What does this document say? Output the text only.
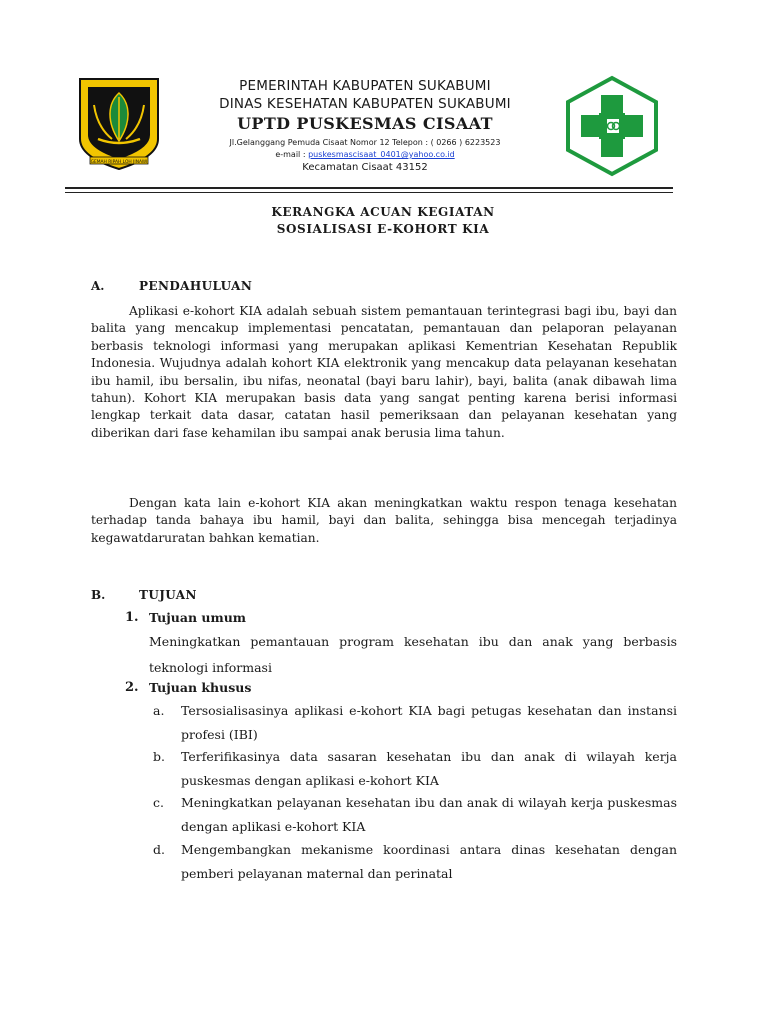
GEMAH RIPAH LOH JINAWI
PEMERINTAH KABUPATEN SUKABUMI
DINAS KESEHATAN KABUPATEN SUKABUMI
UPTD PUSKESMAS CISAAT
Jl.Gelanggang Pemuda Cisaat Nomor 12 Telepon : ( 0266 ) 6223523
e-mail : puskesmascisaat_0401@yahoo.co.id
Kecamatan Cisaat 43152
KERANGKA ACUAN KEGIATAN
SOSIALISASI E-KOHORT KIA
A.	PENDAHULUAN

Aplikasi e-kohort KIA adalah sebuah sistem pemantauan terintegrasi bagi ibu, bayi dan balita yang mencakup implementasi pencatatan, pemantauan dan pelaporan pelayanan berbasis teknologi informasi yang merupakan aplikasi Kementrian Kesehatan Republik Indonesia. Wujudnya adalah kohort KIA elektronik yang mencakup data pelayanan kesehatan ibu hamil, ibu bersalin, ibu nifas, neonatal (bayi baru lahir), bayi, balita (anak dibawah lima tahun). Kohort KIA merupakan basis data yang sangat penting karena berisi informasi lengkap terkait data dasar, catatan hasil pemeriksaan dan pelayanan kesehatan yang diberikan dari fase kehamilan ibu sampai anak berusia lima tahun.

Dengan kata lain e-kohort KIA akan meningkatkan waktu respon tenaga kesehatan terhadap tanda bahaya ibu hamil, bayi dan balita, sehingga bisa mencegah terjadinya kegawatdaruratan bahkan kematian.

B.	TUJUAN
1. Tujuan umum

Meningkatkan pemantauan program kesehatan ibu dan anak yang berbasis teknologi informasi

2. Tujuan khusus
a. Tersosialisasinya aplikasi e-kohort KIA bagi petugas kesehatan dan instansi profesi (IBI)

b. Terferifikasinya data sasaran kesehatan ibu dan anak di wilayah kerja puskesmas dengan aplikasi e-kohort KIA

c. Meningkatkan pelayanan kesehatan ibu dan anak di wilayah kerja puskesmas dengan aplikasi e-kohort KIA

d. Mengembangkan mekanisme koordinasi antara dinas kesehatan dengan pemberi pelayanan maternal dan perinatal
